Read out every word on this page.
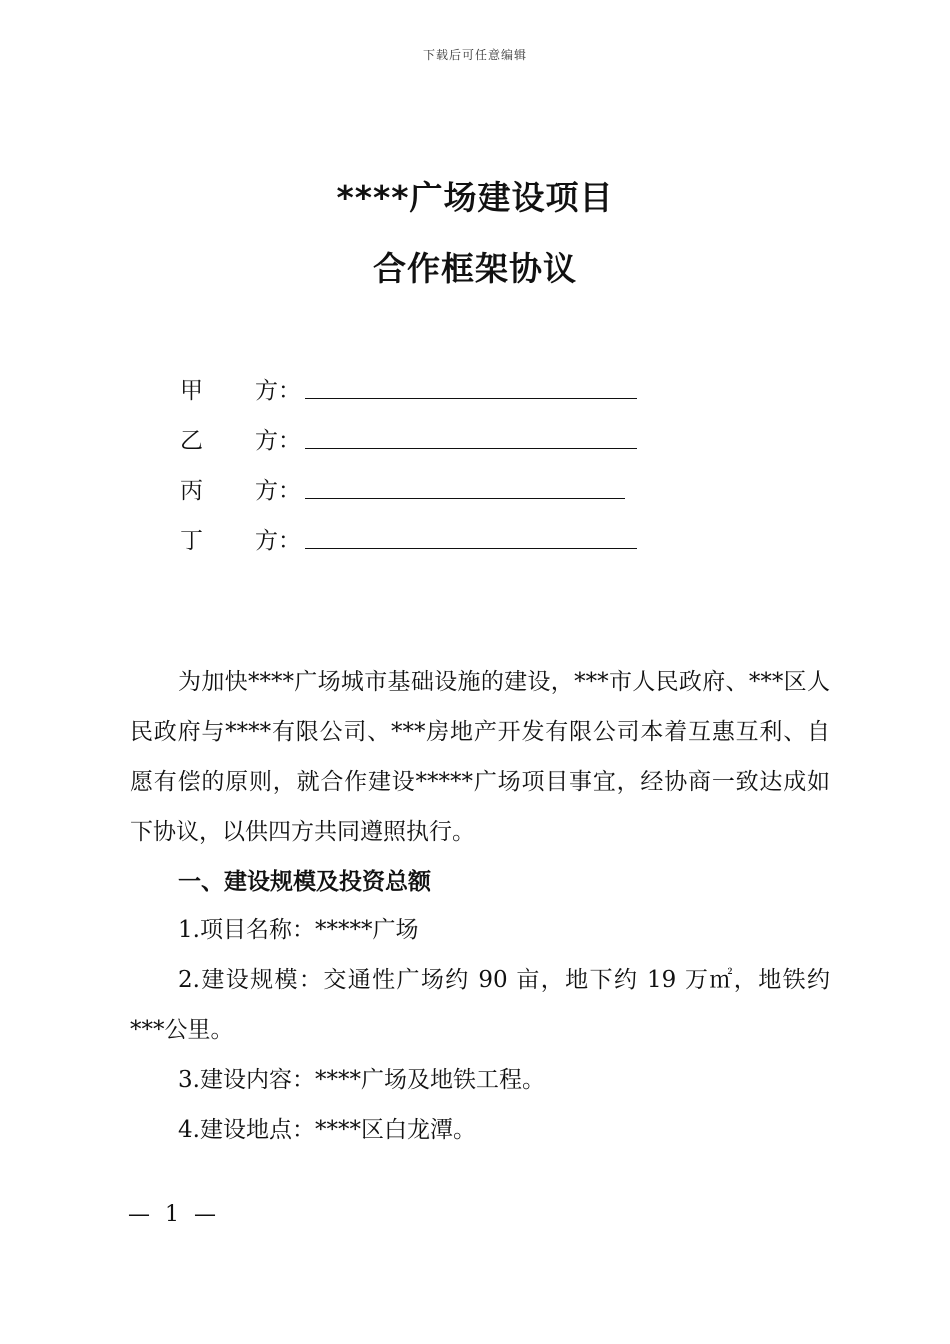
下载后可任意编辑
****广场建设项目
合作框架协议
甲 方：
乙 方：
丙 方：
丁 方：
为加快****广场城市基础设施的建设，***市人民政府、***区人民政府与****有限公司、***房地产开发有限公司本着互惠互利、自愿有偿的原则，就合作建设*****广场项目事宜，经协商一致达成如下协议，以供四方共同遵照执行。
一、建设规模及投资总额
1.项目名称：*****广场
2.建设规模：交通性广场约 90 亩，地下约 19 万㎡，地铁约　***公里。
3.建设内容：****广场及地铁工程。
4.建设地点：****区白龙潭。
— 1 —
